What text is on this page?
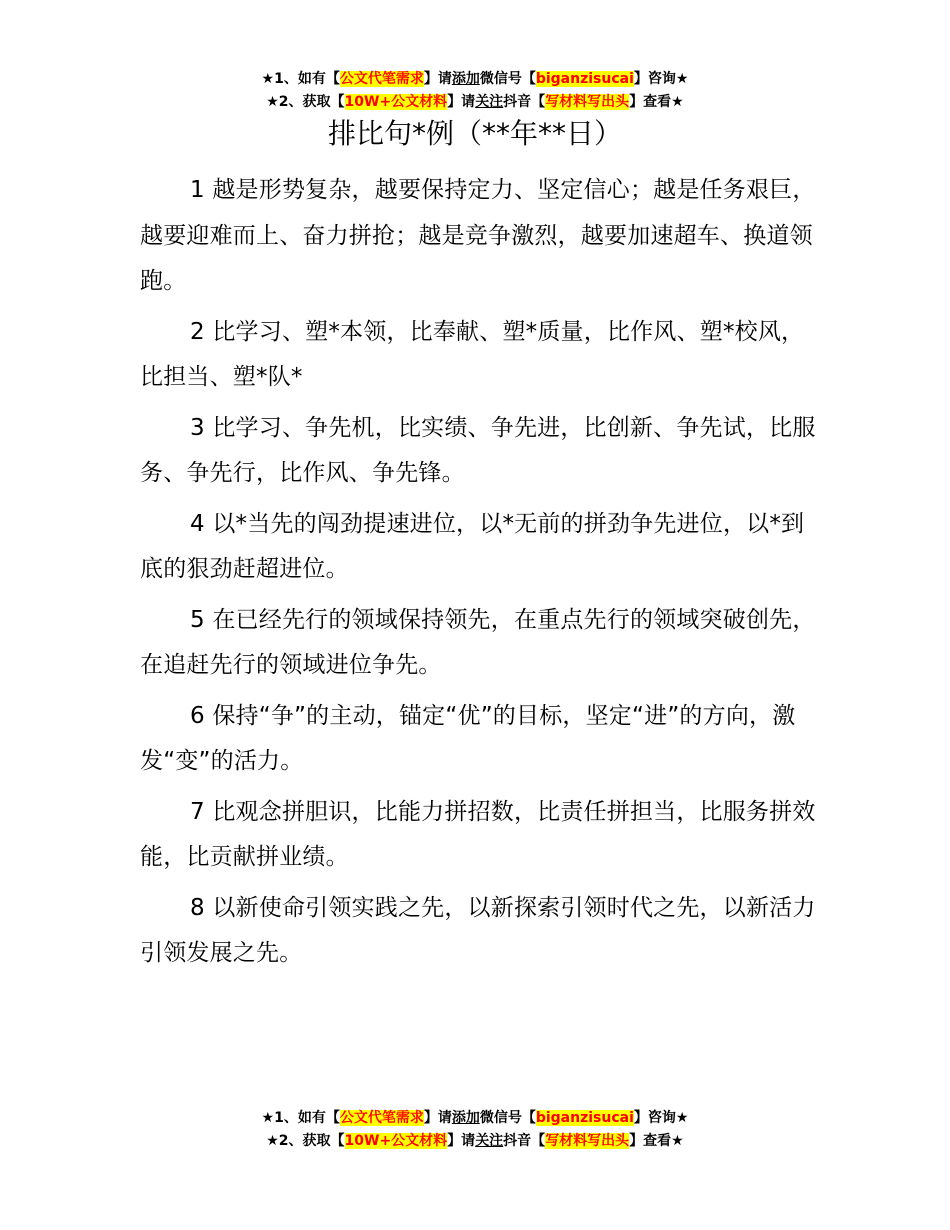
★1、如有【公文代笔需求】请添加微信号【biganzisucai】咨询★
★2、获取【10W+公文材料】请关注抖音【写材料写出头】查看★
排比句*例（**年**日）

1 越是形势复杂，越要保持定力、坚定信心；越是任务艰巨，越要迎难而上、奋力拼抢；越是竞争激烈，越要加速超车、换道领跑。

2 比学习、塑*本领，比奉献、塑*质量，比作风、塑*校风，比担当、塑*队*

3 比学习、争先机，比实绩、争先进，比创新、争先试，比服务、争先行，比作风、争先锋。

4 以*当先的闯劲提速进位，以*无前的拼劲争先进位，以*到底的狠劲赶超进位。

5 在已经先行的领域保持领先，在重点先行的领域突破创先，在追赶先行的领域进位争先。

6 保持“争”的主动，锚定“优”的目标，坚定“进”的方向，激发“变”的活力。

7 比观念拼胆识，比能力拼招数，比责任拼担当，比服务拼效能，比贡献拼业绩。

8 以新使命引领实践之先，以新探索引领时代之先，以新活力引领发展之先。

★1、如有【公文代笔需求】请添加微信号【biganzisucai】咨询★
★2、获取【10W+公文材料】请关注抖音【写材料写出头】查看★
